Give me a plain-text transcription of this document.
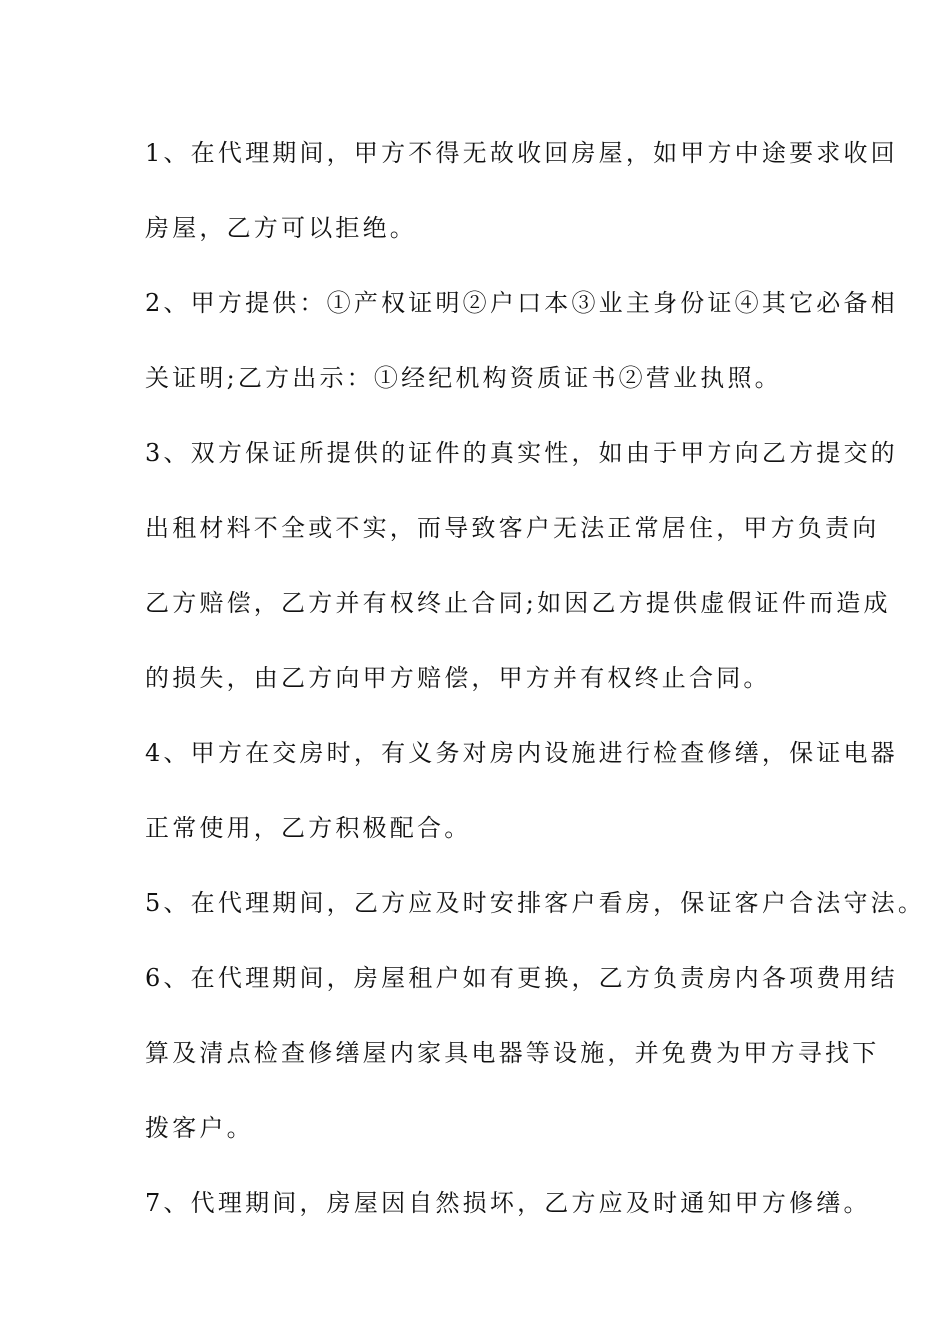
1、在代理期间，甲方不得无故收回房屋，如甲方中途要求收回
房屋，乙方可以拒绝。
2、甲方提供：①产权证明②户口本③业主身份证④其它必备相
关证明;乙方出示：①经纪机构资质证书②营业执照。
3、双方保证所提供的证件的真实性，如由于甲方向乙方提交的
出租材料不全或不实，而导致客户无法正常居住，甲方负责向
乙方赔偿，乙方并有权终止合同;如因乙方提供虚假证件而造成
的损失，由乙方向甲方赔偿，甲方并有权终止合同。
4、甲方在交房时，有义务对房内设施进行检查修缮，保证电器
正常使用，乙方积极配合。
5、在代理期间，乙方应及时安排客户看房，保证客户合法守法。
6、在代理期间，房屋租户如有更换，乙方负责房内各项费用结
算及清点检查修缮屋内家具电器等设施，并免费为甲方寻找下
拨客户。
7、代理期间，房屋因自然损坏，乙方应及时通知甲方修缮。
